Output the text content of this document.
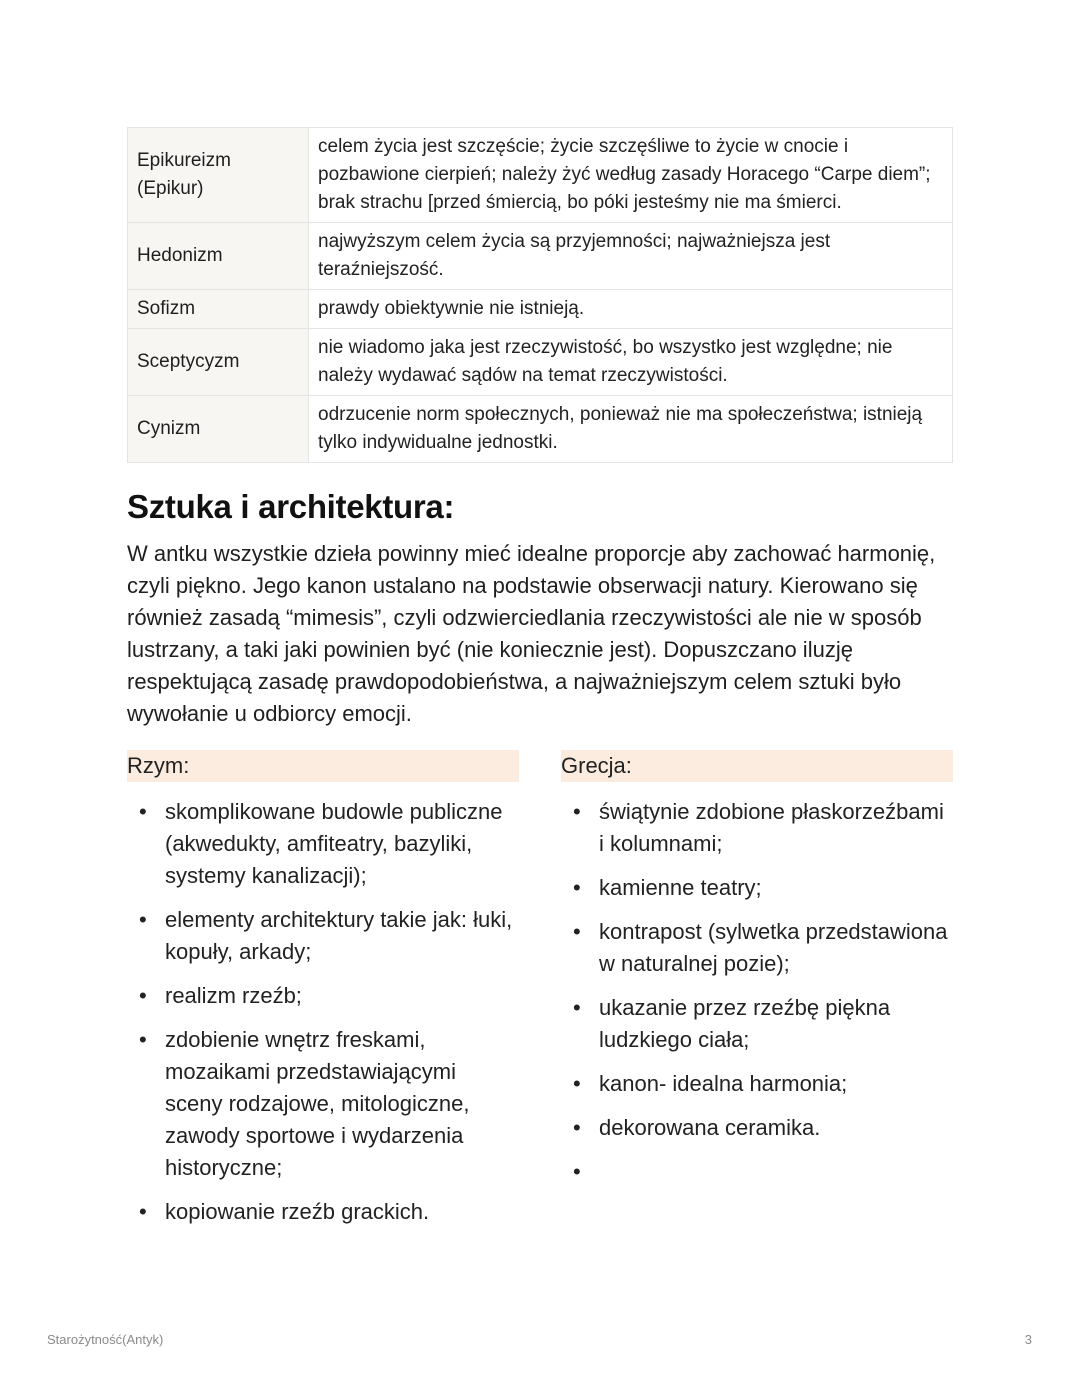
Epikureizm (Epikur)	celem życia jest szczęście; życie szczęśliwe to życie w cnocie i pozbawione cierpień; należy żyć według zasady Horacego “Carpe diem”; brak strachu [przed śmiercią, bo póki jesteśmy nie ma śmierci.
Hedonizm	najwyższym celem życia są przyjemności; najważniejsza jest teraźniejszość.
Sofizm	prawdy obiektywnie nie istnieją.
Sceptycyzm	nie wiadomo jaka jest rzeczywistość, bo wszystko jest względne; nie należy wydawać sądów na temat rzeczywistości.
Cynizm	odrzucenie norm społecznych, ponieważ nie ma społeczeństwa; istnieją tylko indywidualne jednostki.
Sztuka i architektura:

W antku wszystkie dzieła powinny mieć idealne proporcje aby zachować harmonię, czyli piękno. Jego kanon ustalano na podstawie obserwacji natury. Kierowano się również zasadą “mimesis”, czyli odzwierciedlania rzeczywistości ale nie w sposób lustrzany, a taki jaki powinien być (nie koniecznie jest). Dopuszczano iluzję respektującą zasadę prawdopodobieństwa, a najważniejszym celem sztuki było wywołanie u odbiorcy emocji.

Rzym:
• skomplikowane budowle publiczne (akwedukty, amfiteatry, bazyliki, systemy kanalizacji);
• elementy architektury takie jak: łuki, kopuły, arkady;
• realizm rzeźb;
• zdobienie wnętrz freskami, mozaikami przedstawiającymi sceny rodzajowe, mitologiczne, zawody sportowe i wydarzenia historyczne;
• kopiowanie rzeźb grackich.
Grecja:
• świątynie zdobione płaskorzeźbami i kolumnami;
• kamienne teatry;
• kontrapost (sylwetka przedstawiona w naturalnej pozie);
• ukazanie przez rzeźbę piękna ludzkiego ciała;
• kanon- idealna harmonia;
• dekorowana ceramika.
•
Starożytność(Antyk)	3
